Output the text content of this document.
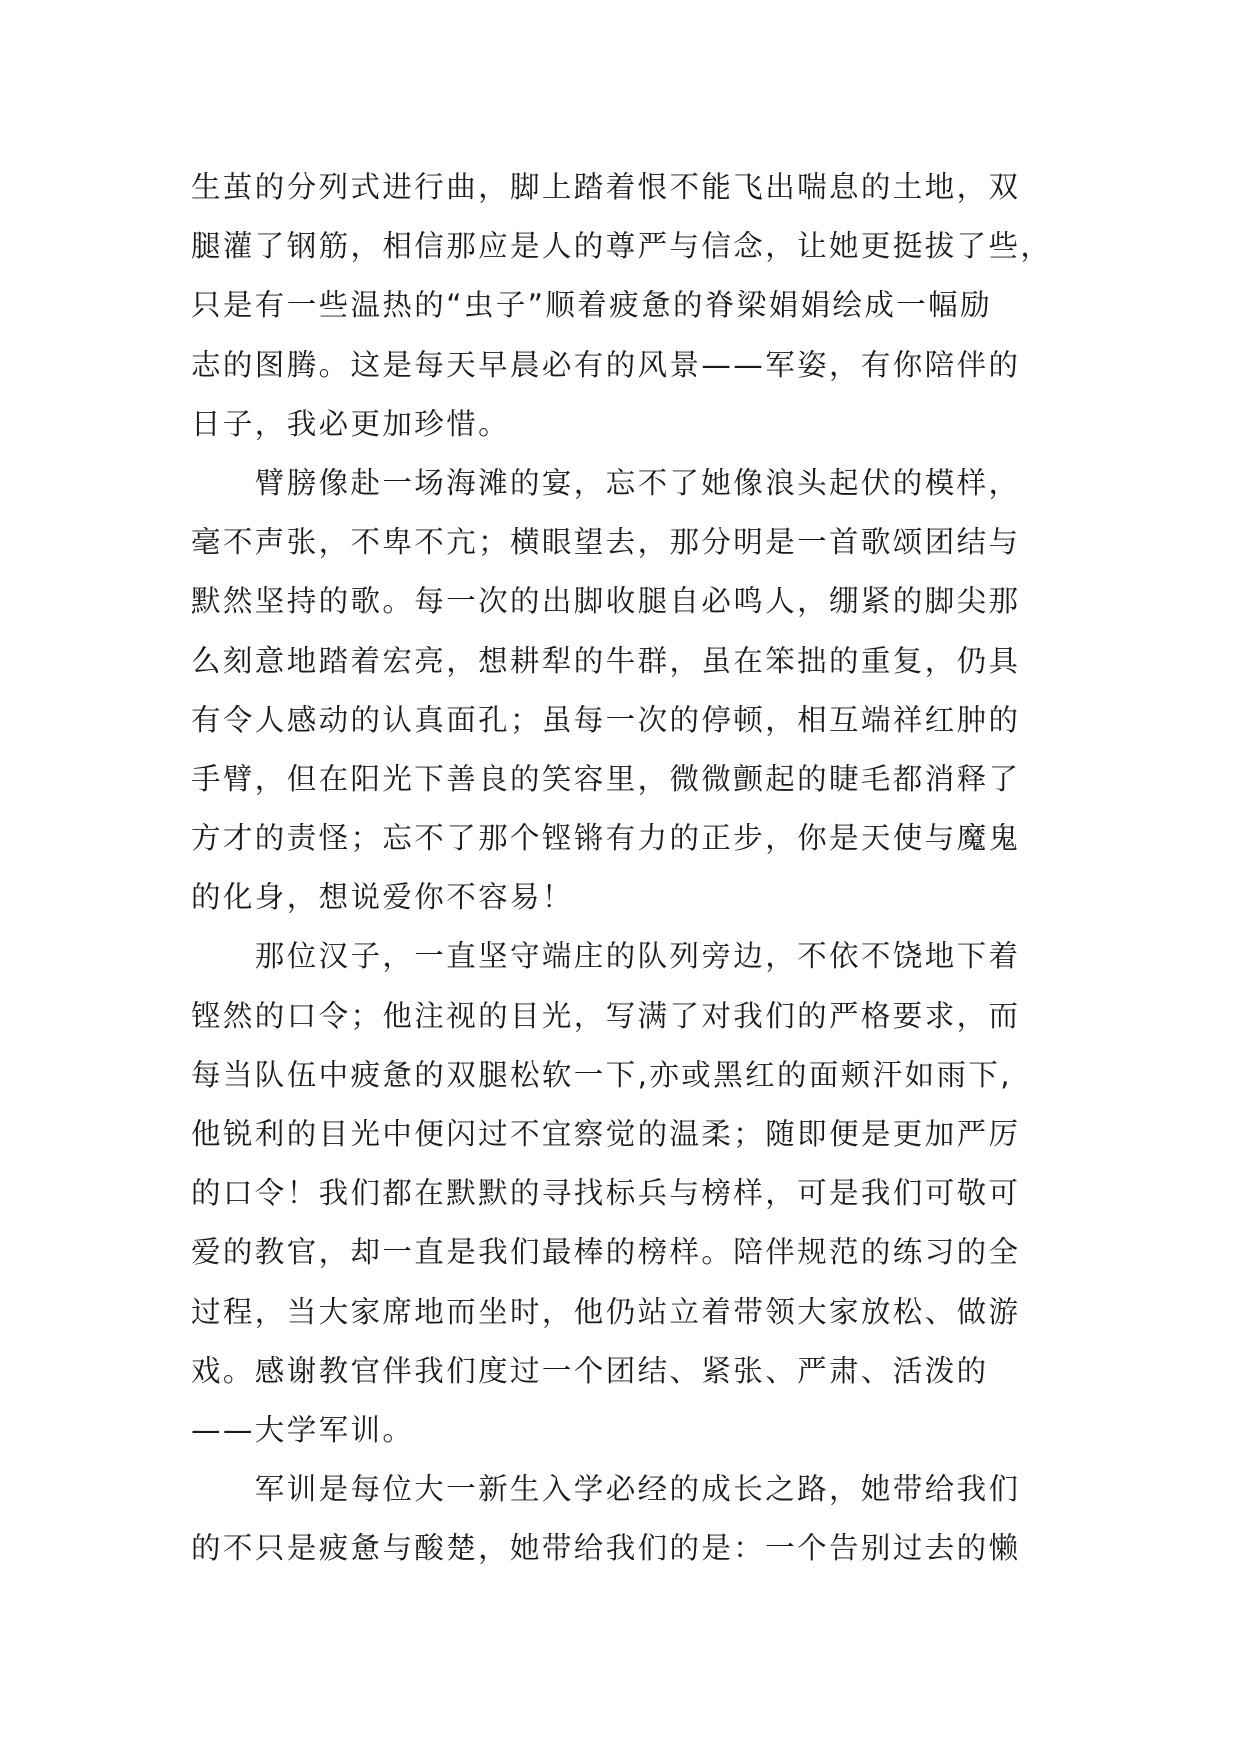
生茧的分列式进行曲，脚上踏着恨不能飞出喘息的土地，双
腿灌了钢筋，相信那应是人的尊严与信念，让她更挺拔了些，
只是有一些温热的“虫子”顺着疲惫的脊梁娟娟绘成一幅励
志的图腾。这是每天早晨必有的风景——军姿，有你陪伴的
日子，我必更加珍惜。
　　臂膀像赴一场海滩的宴，忘不了她像浪头起伏的模样，
毫不声张，不卑不亢；横眼望去，那分明是一首歌颂团结与
默然坚持的歌。每一次的出脚收腿自必鸣人，绷紧的脚尖那
么刻意地踏着宏亮，想耕犁的牛群，虽在笨拙的重复，仍具
有令人感动的认真面孔；虽每一次的停顿，相互端祥红肿的
手臂，但在阳光下善良的笑容里，微微颤起的睫毛都消释了
方才的责怪；忘不了那个铿锵有力的正步，你是天使与魔鬼
的化身，想说爱你不容易！
　　那位汉子，一直坚守端庄的队列旁边，不依不饶地下着
铿然的口令；他注视的目光，写满了对我们的严格要求，而
每当队伍中疲惫的双腿松软一下,亦或黑红的面颊汗如雨下,
他锐利的目光中便闪过不宜察觉的温柔；随即便是更加严厉
的口令！我们都在默默的寻找标兵与榜样，可是我们可敬可
爱的教官，却一直是我们最棒的榜样。陪伴规范的练习的全
过程，当大家席地而坐时，他仍站立着带领大家放松、做游
戏。感谢教官伴我们度过一个团结、紧张、严肃、活泼的
——大学军训。
　　军训是每位大一新生入学必经的成长之路，她带给我们
的不只是疲惫与酸楚，她带给我们的是：一个告别过去的懒
